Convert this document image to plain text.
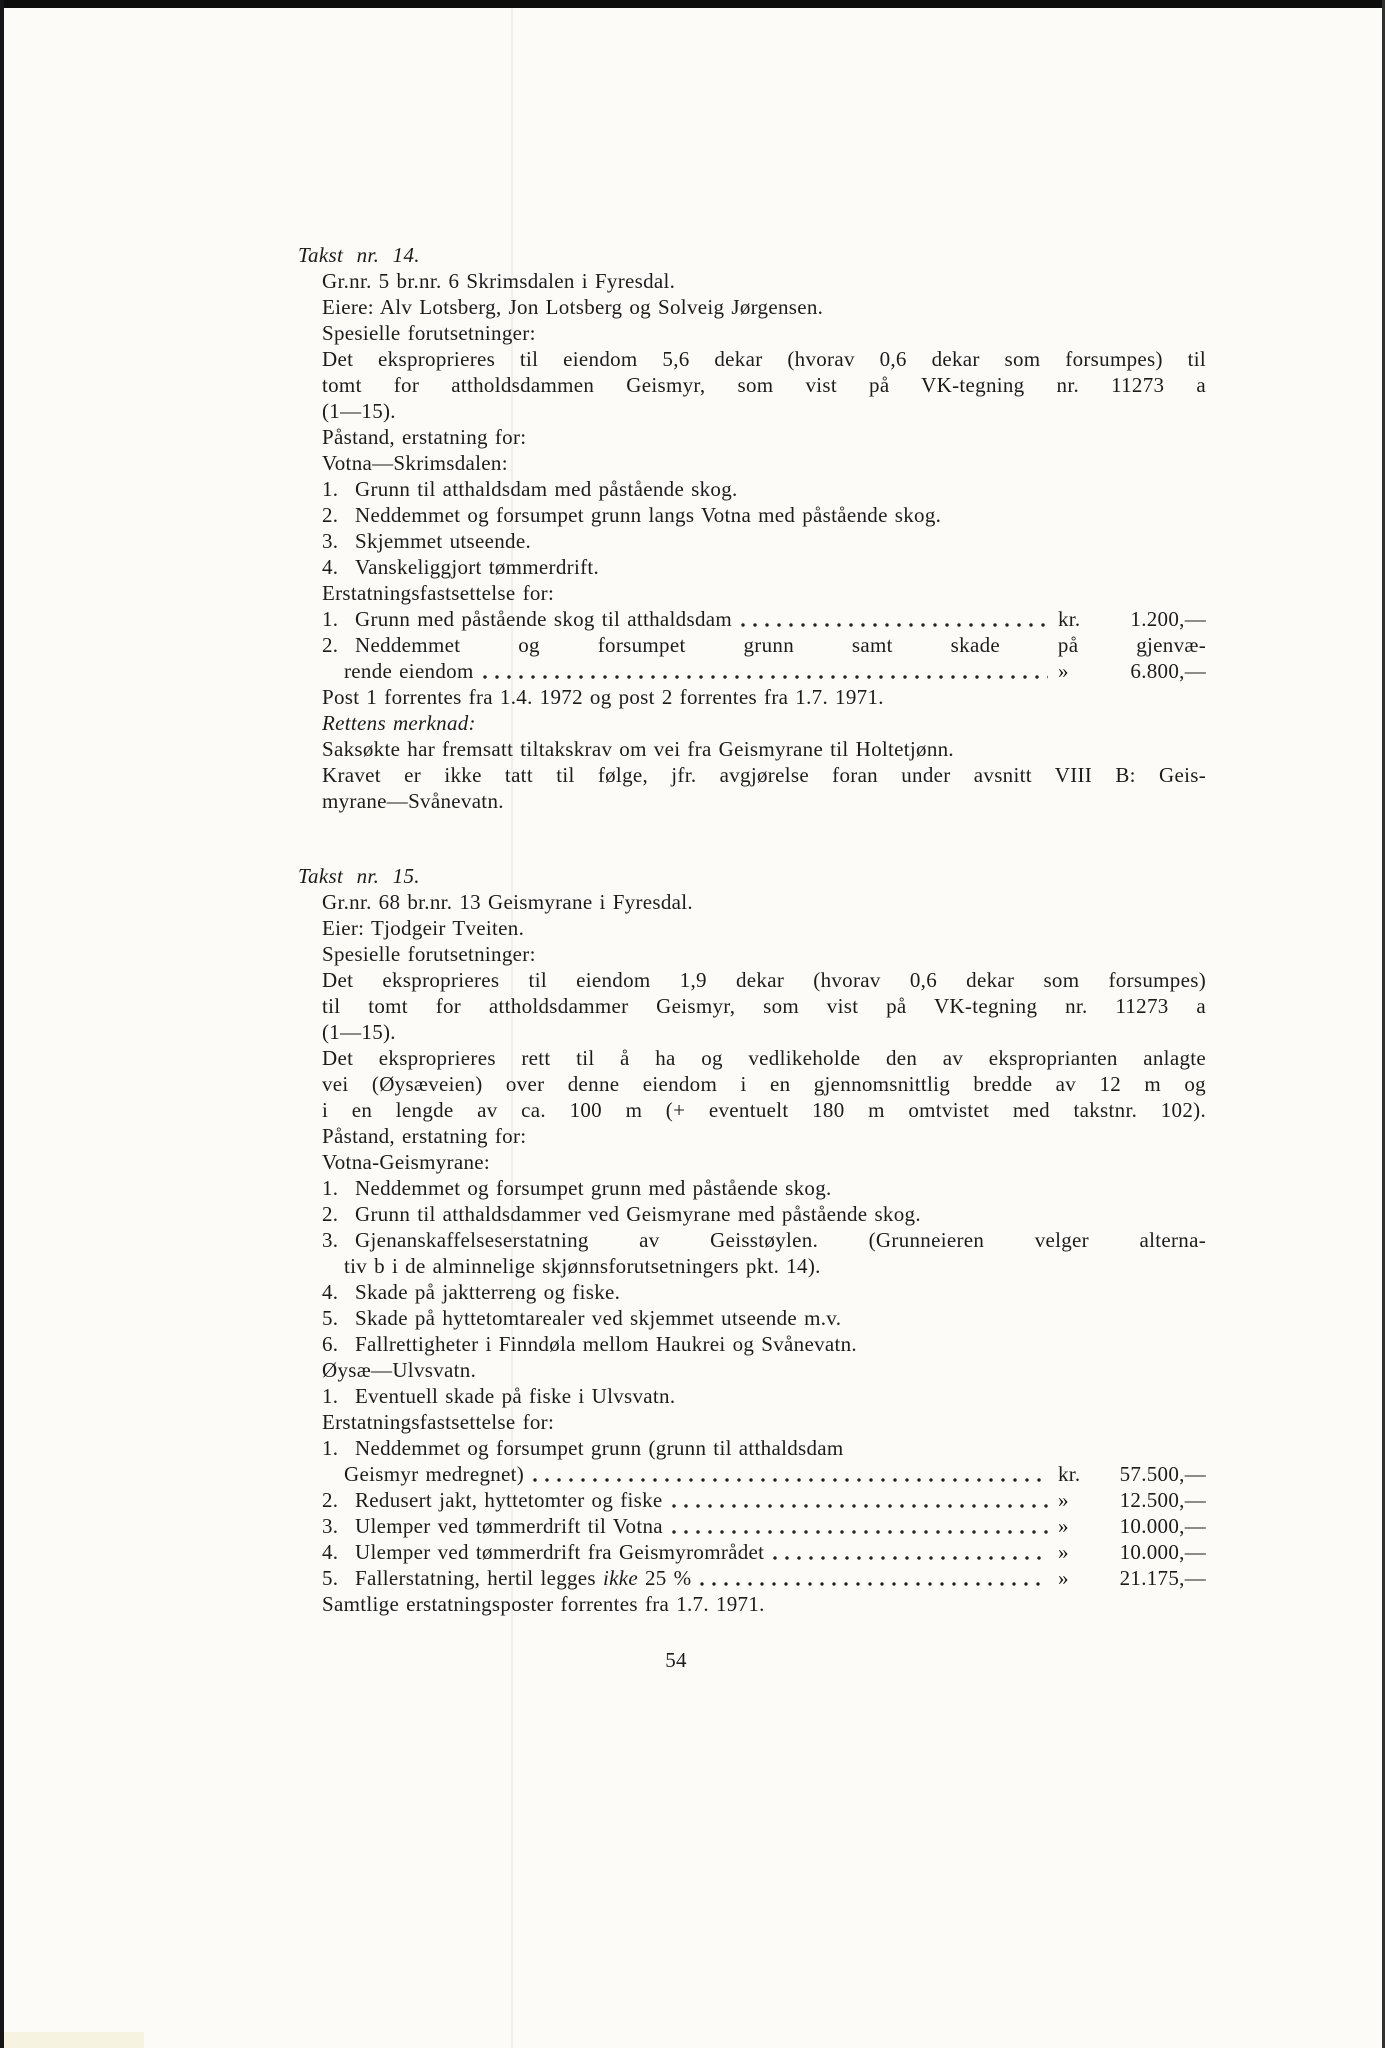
Takst nr. 14.
Gr.nr. 5 br.nr. 6 Skrimsdalen i Fyresdal.
Eiere: Alv Lotsberg, Jon Lotsberg og Solveig Jørgensen.
Spesielle forutsetninger:
Det eksproprieres til eiendom 5,6 dekar (hvorav 0,6 dekar som forsumpes) til
tomt for attholdsdammen Geismyr, som vist på VK-tegning nr. 11273 a
(1—15).
Påstand, erstatning for:
Votna—Skrimsdalen:
1. Grunn til atthaldsdam med påstående skog.
2. Neddemmet og forsumpet grunn langs Votna med påstående skog.
3. Skjemmet utseende.
4. Vanskeliggjort tømmerdrift.
Erstatningsfastsettelse for:
1. Grunn med påstående skog til atthaldsdam	kr.	1.200,—
2. Neddemmet og forsumpet grunn samt skade på gjenvæ-
rende eiendom	»	6.800,—
Post 1 forrentes fra 1.4. 1972 og post 2 forrentes fra 1.7. 1971.
Rettens merknad:
Saksøkte har fremsatt tiltakskrav om vei fra Geismyrane til Holtetjønn.
Kravet er ikke tatt til følge, jfr. avgjørelse foran under avsnitt VIII B: Geis-
myrane—Svånevatn.
Takst nr. 15.
Gr.nr. 68 br.nr. 13 Geismyrane i Fyresdal.
Eier: Tjodgeir Tveiten.
Spesielle forutsetninger:
Det eksproprieres til eiendom 1,9 dekar (hvorav 0,6 dekar som forsumpes)
til tomt for attholdsdammer Geismyr, som vist på VK-tegning nr. 11273 a
(1—15).
Det eksproprieres rett til å ha og vedlikeholde den av eksproprianten anlagte
vei (Øysæveien) over denne eiendom i en gjennomsnittlig bredde av 12 m og
i en lengde av ca. 100 m (+ eventuelt 180 m omtvistet med takstnr. 102).
Påstand, erstatning for:
Votna-Geismyrane:
1. Neddemmet og forsumpet grunn med påstående skog.
2. Grunn til atthaldsdammer ved Geismyrane med påstående skog.
3. Gjenanskaffelseserstatning av Geisstøylen. (Grunneieren velger alterna-
tiv b i de alminnelige skjønnsforutsetningers pkt. 14).
4. Skade på jaktterreng og fiske.
5. Skade på hyttetomtarealer ved skjemmet utseende m.v.
6. Fallrettigheter i Finndøla mellom Haukrei og Svånevatn.
Øysæ—Ulvsvatn.
1. Eventuell skade på fiske i Ulvsvatn.
Erstatningsfastsettelse for:
1. Neddemmet og forsumpet grunn (grunn til atthaldsdam
Geismyr medregnet)	kr.	57.500,—
2. Redusert jakt, hyttetomter og fiske	»	12.500,—
3. Ulemper ved tømmerdrift til Votna	»	10.000,—
4. Ulemper ved tømmerdrift fra Geismyrområdet	»	10.000,—
5. Fallerstatning, hertil legges ikke 25 %	»	21.175,—
Samtlige erstatningsposter forrentes fra 1.7. 1971.
54
